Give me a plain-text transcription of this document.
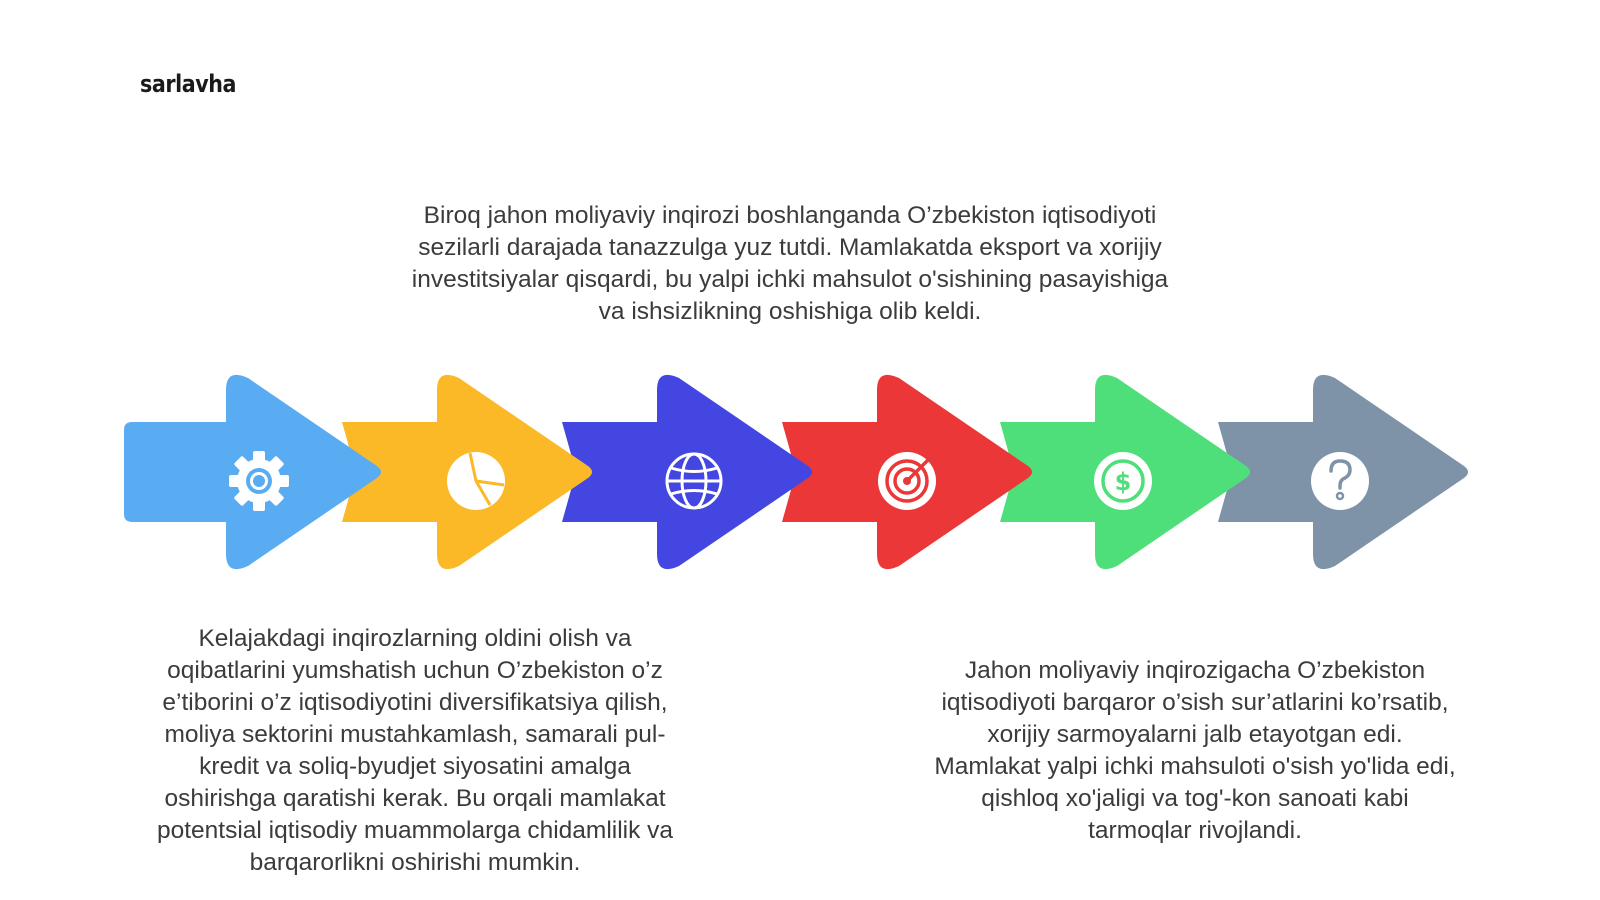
sarlavha

Biroq jahon moliyaviy inqirozi boshlanganda O’zbekiston iqtisodiyoti
sezilarli darajada tanazzulga yuz tutdi. Mamlakatda eksport va xorijiy
investitsiyalar qisqardi, bu yalpi ichki mahsulot o'sishining pasayishiga
va ishsizlikning oshishiga olib keldi.

$

Kelajakdagi inqirozlarning oldini olish va
oqibatlarini yumshatish uchun O’zbekiston o’z
e’tiborini o’z iqtisodiyotini diversifikatsiya qilish,
moliya sektorini mustahkamlash, samarali pul-
kredit va soliq-byudjet siyosatini amalga
oshirishga qaratishi kerak. Bu orqali mamlakat
potentsial iqtisodiy muammolarga chidamlilik va
barqarorlikni oshirishi mumkin.

Jahon moliyaviy inqirozigacha O’zbekiston
iqtisodiyoti barqaror o’sish sur’atlarini ko’rsatib,
xorijiy sarmoyalarni jalb etayotgan edi.
Mamlakat yalpi ichki mahsuloti o'sish yo'lida edi,
qishloq xo'jaligi va tog'-kon sanoati kabi
tarmoqlar rivojlandi.
